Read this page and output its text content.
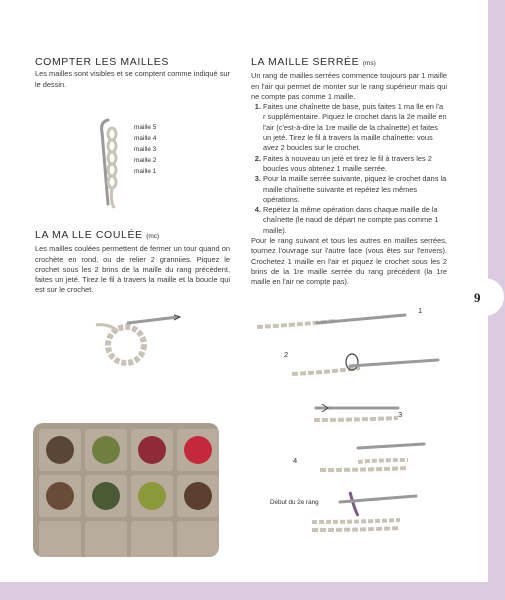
9
COMPTER LES MAILLES

Les mailles sont visibles et se comptent comme indiqué sur le dessin.

maille 5
maille 4
maille 3
maille 2
maille 1
LA MA LLE COULÉE (mc)

Les mailles coulées permettent de fermer un tour quand on crochète en rond, ou de relier 2 granniies. Piquez le crochet sous les 2 brins de la maille du rang précédent, faites un jeté. Tirez le fil à travers la maille et la boucle qui est sur le crochet.

LA MAILLE SERRÉE (ms)

Un rang de mailles serrées commence toujours par 1 maille en l'air qui permet de monter sur le rang supérieur mais qui ne compte pas comme 1 maille.

1. Faites une chaînette de base, puis faites 1 ma lle en l'a r supplémentaire. Piquez le crochet dans la 2e maille en l'air (c'est-à-dire la 1re maille de la chaînette) et faites un jeté. Tirez le fil à travers la maille chaînette: vous avez 2 boucles sur le crochet.
2. Faites à nouveau un jeté et tirez le fil à travers les 2 boucles vous obtenez 1 maille serrée.
3. Pour la maille serrée suivante, piquez le crochet dans la maille chaînette suivante et repétez les mêmes opérations.
4. Repétez la même opération dans chaque maille de la chaînette (le naud de départ ne compte pas comme 1 maille).

Pour le rang suivant et tous les autres en mailles serrées, tournez l'ouvrage sur l'autre face (vous êtes sur l'envers). Crochetez 1 maille en l'air et piquez le crochet sous les 2 brins de la 1re maille serrée du rang précédent (la 1re maille en l'air ne compte pas).

1
2
3
4
Début du 2e rang
